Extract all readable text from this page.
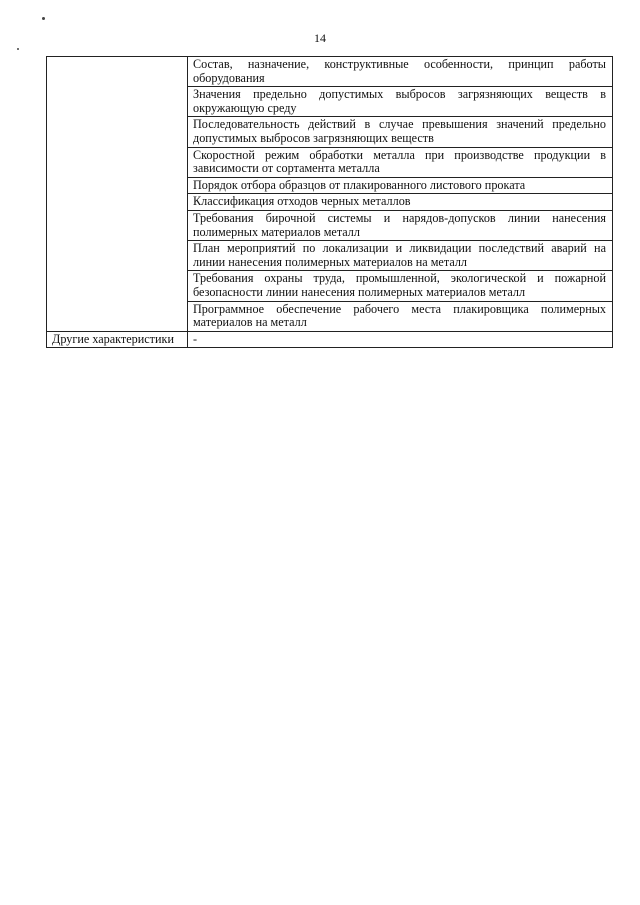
14
	Состав, назначение, конструктивные особенности, принцип работы оборудования
	Значения предельно допустимых выбросов загрязняющих веществ в окружающую среду
	Последовательность действий в случае превышения значений предельно допустимых выбросов загрязняющих веществ
	Скоростной режим обработки металла при производстве продукции в зависимости от сортамента металла
	Порядок отбора образцов от плакированного листового проката
	Классификация отходов черных металлов
	Требования бирочной системы и нарядов-допусков линии нанесения полимерных материалов металл
	План мероприятий по локализации и ликвидации последствий аварий на линии нанесения полимерных материалов на металл
	Требования охраны труда, промышленной, экологической и пожарной безопасности линии нанесения полимерных материалов металл
	Программное обеспечение рабочего места плакировщика полимерных материалов на металл
Другие характеристики	-
